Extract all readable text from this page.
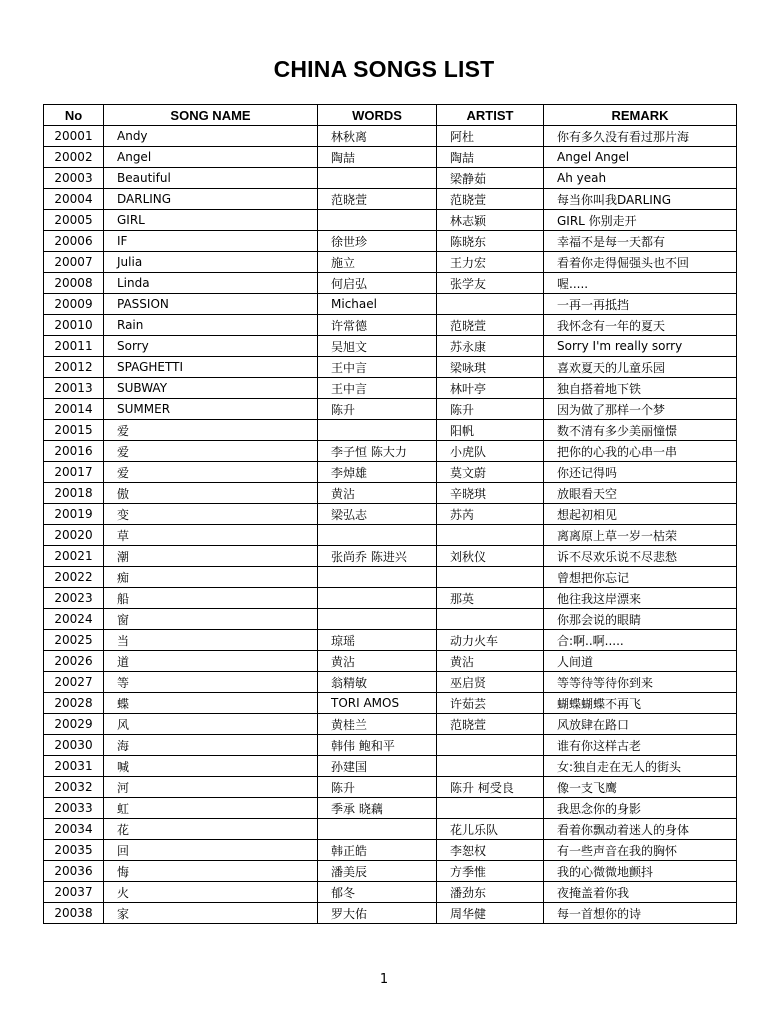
CHINA SONGS LIST
No	SONG NAME	WORDS	ARTIST	REMARK
20001	Andy	林秋离	阿杜	你有多久没有看过那片海
20002	Angel	陶喆	陶喆	Angel Angel
20003	Beautiful		梁静茹	Ah yeah
20004	DARLING	范晓萱	范晓萱	每当你叫我DARLING
20005	GIRL		林志颖	GIRL 你别走开
20006	IF	徐世珍	陈晓东	幸福不是每一天都有
20007	Julia	施立	王力宏	看着你走得倔强头也不回
20008	Linda	何启弘	张学友	喔.....
20009	PASSION	Michael		一再一再抵挡
20010	Rain	许常德	范晓萱	我怀念有一年的夏天
20011	Sorry	吴旭文	苏永康	Sorry I'm really sorry
20012	SPAGHETTI	王中言	梁咏琪	喜欢夏天的儿童乐园
20013	SUBWAY	王中言	林叶亭	独自搭着地下铁
20014	SUMMER	陈升	陈升	因为做了那样一个梦
20015	爱		阳帆	数不清有多少美丽憧憬
20016	爱	李子恒 陈大力	小虎队	把你的心我的心串一串
20017	爱	李焯雄	莫文蔚	你还记得吗
20018	傲	黄沾	辛晓琪	放眼看天空
20019	变	梁弘志	苏芮	想起初相见
20020	草			离离原上草一岁一枯荣
20021	潮	张尚乔 陈进兴	刘秋仪	诉不尽欢乐说不尽悲愁
20022	痴			曾想把你忘记
20023	船		那英	他往我这岸漂来
20024	窗			你那会说的眼睛
20025	当	琼瑶	动力火车	合:啊..啊.....
20026	道	黄沾	黄沾	人间道
20027	等	翁精敏	巫启贤	等等待等待你到来
20028	蝶	TORI AMOS	许茹芸	蝴蝶蝴蝶不再飞
20029	风	黄桂兰	范晓萱	风放肆在路口
20030	海	韩伟 鲍和平		谁有你这样古老
20031	喊	孙建国		女:独自走在无人的街头
20032	河	陈升	陈升 柯受良	像一支飞鹰
20033	虹	季承 晓藕		我思念你的身影
20034	花		花儿乐队	看着你飘动着迷人的身体
20035	回	韩正皓	李恕权	有一些声音在我的胸怀
20036	悔	潘美辰	方季惟	我的心微微地颤抖
20037	火	郁冬	潘劲东	夜掩盖着你我
20038	家	罗大佑	周华健	每一首想你的诗
1
